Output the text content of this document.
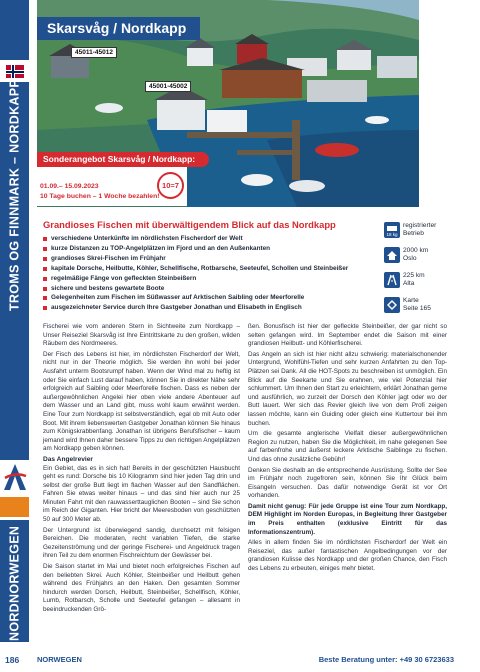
TROMS OG FINNMARK – NORDKAPP
NORDNORWEGEN
Skarsvåg / Nordkapp
45011-45012
45001-45002
01.09.– 15.09.2023
10 Tage buchen – 1 Woche bezahlen!
10=7
Sonderangebot Skarsvåg / Nordkapp:
Grandioses Fischen mit überwältigendem Blick auf das Nordkapp
verschiedene Unterkünfte im nördlichsten Fischerdorf der Welt
kurze Distanzen zu TOP-Angelplätzen im Fjord und an den Außenkanten
grandioses Skrei-Fischen im Frühjahr
kapitale Dorsche, Heilbutte, Köhler, Schellfische, Rotbarsche, Seeteufel, Schollen und Steinbeißer
regelmäßige Fänge von gefleckten Steinbeißern
sichere und bestens gewartete Boote
Gelegenheiten zum Fischen im Süßwasser auf Arktischen Saibling oder Meerforelle
ausgezeichneter Service durch Ihre Gastgeber Jonathan und Elisabeth in Englisch
18 kg
registrierter
Betrieb
2000 km
Oslo
225 km
Alta
Karte
Seite 165

Fischerei wie vom anderen Stern in Sichtweite zum Nordkapp – Unser Reiseziel Skarsvåg ist Ihre Eintrittskarte zu den großen, wilden Räubern des Nordmeeres.

Der Fisch des Lebens ist hier, im nördlichsten Fischerdorf der Welt, nicht nur in der Theorie möglich. Sie werden ihn wohl bei jeder Ausfahrt unterm Bootsrumpf haben. Wenn der Wind mal zu heftig ist oder Sie einfach Lust darauf haben, können Sie in direkter Nähe sehr erfolgreich auf Saibling oder Meerforelle fischen. Dass es neben der außergewöhnlichen Angelei hier oben viele andere Abenteuer auf dem Wasser und an Land gibt, muss wohl kaum erwähnt werden. Eine Tour zum Nordkapp ist selbstverständlich, egal ob mit Auto oder Boot. Mit ihrem liebenswerten Gastgeber Jonathan können Sie hinaus zum Königskrabbenfang. Jonathan ist übrigens Berufsfischer – kaum jemand wird Ihnen daher bessere Tipps zu den richtigen Angelplätzen am Nordkapp geben können.

Das Angelrevier

Ein Gebiet, das es in sich hat! Bereits in der geschützten Hausbucht geht es rund: Dorsche bis 10 Kilogramm sind hier jeden Tag drin und selbst der große Butt liegt im flachen Wasser auf den Sandflächen. Fahren Sie etwas weiter hinaus – und das sind hier auch nur 25 Minuten Fahrt mit den rauwasserttauglichen Booten – sind Sie schon im Reich der Giganten. Hier bricht der Meeresboden von geschützten 50 auf 300 Meter ab.

Der Untergrund ist überwiegend sandig, durchsetzt mit felsigen Bereichen. Die moderaten, recht variablen Tiefen, die starke Gezeitenströmung und der geringe Fischerei- und Angeldruck tragen ihren Teil zu dem enormen Fischreichtum der Gewässer bei.

Die Saison startet im Mai und bietet noch erfolgreiches Fischen auf den beliebten Skrei. Auch Köhler, Steinbeißer und Heilbutt gehen während des Frühjahrs an den Haken. Den gesamten Sommer hindurch werden Dorsch, Heilbutt, Steinbeißer, Schellfisch, Köhler, Lumb, Rotbarsch, Scholle und Seeteufel gefangen – allesamt in beeindruckenden Grö-

ßen. Bonusfisch ist hier der gefleckte Steinbeißer, der gar nicht so selten gefangen wird. Im September endet die Saison mit einer grandiosen Heilbutt- und Köhlerfischerei.

Das Angeln an sich ist hier nicht allzu schwierig: materialschonender Untergrund, Wohlfühl-Tiefen und sehr kurzen Anfahrten zu den Top-Plätzen sei Dank. All die HOT-Spots zu beschreiben ist unmöglich. Ein Blick auf die Seekarte und Sie erahnen, wie viel Potenzial hier schlummert. Um Ihnen den Start zu erleichtern, erklärt Jonathan gerne und ausführlich, wo zurzeit der Dorsch den Köhler jagt oder wo der Butt lauert. Wer sich das Revier gleich live von dem Profi zeigen lassen möchte, kann ein Guiding oder gleich eine Kuttertour bei ihm buchen.

Um die gesamte anglerische Vielfalt dieser außergewöhnlichen Region zu nutzen, haben Sie die Möglichkeit, im nahe gelegenen See auf farbenfrohe und äußerst leckere Arktische Saiblinge zu fischen. Und das ohne zusätzliche Gebühr!

Denken Sie deshalb an die entsprechende Ausrüstung. Sollte der See im Frühjahr noch zugefroren sein, können Sie Ihr Glück beim Eisangeln versuchen. Das dafür notwendige Gerät ist vor Ort vorhanden.

Damit nicht genug: Für jede Gruppe ist eine Tour zum Nordkapp, DEM Highlight im Norden Europas, in Begleitung Ihrer Gastgeber im Preis enthalten (exklusive Eintritt für das Informationszentrum).

Alles in allem finden Sie im nördlichsten Fischerdorf der Welt ein Reiseziel, das außer fantastischen Angelbedingungen vor der grandiosen Kulisse des Nordkapp und der großen Chance, den Fisch des Lebens zu erbeuten, einiges mehr bietet.

186 NORWEGEN	Beste Beratung unter: +49 30 6723633
